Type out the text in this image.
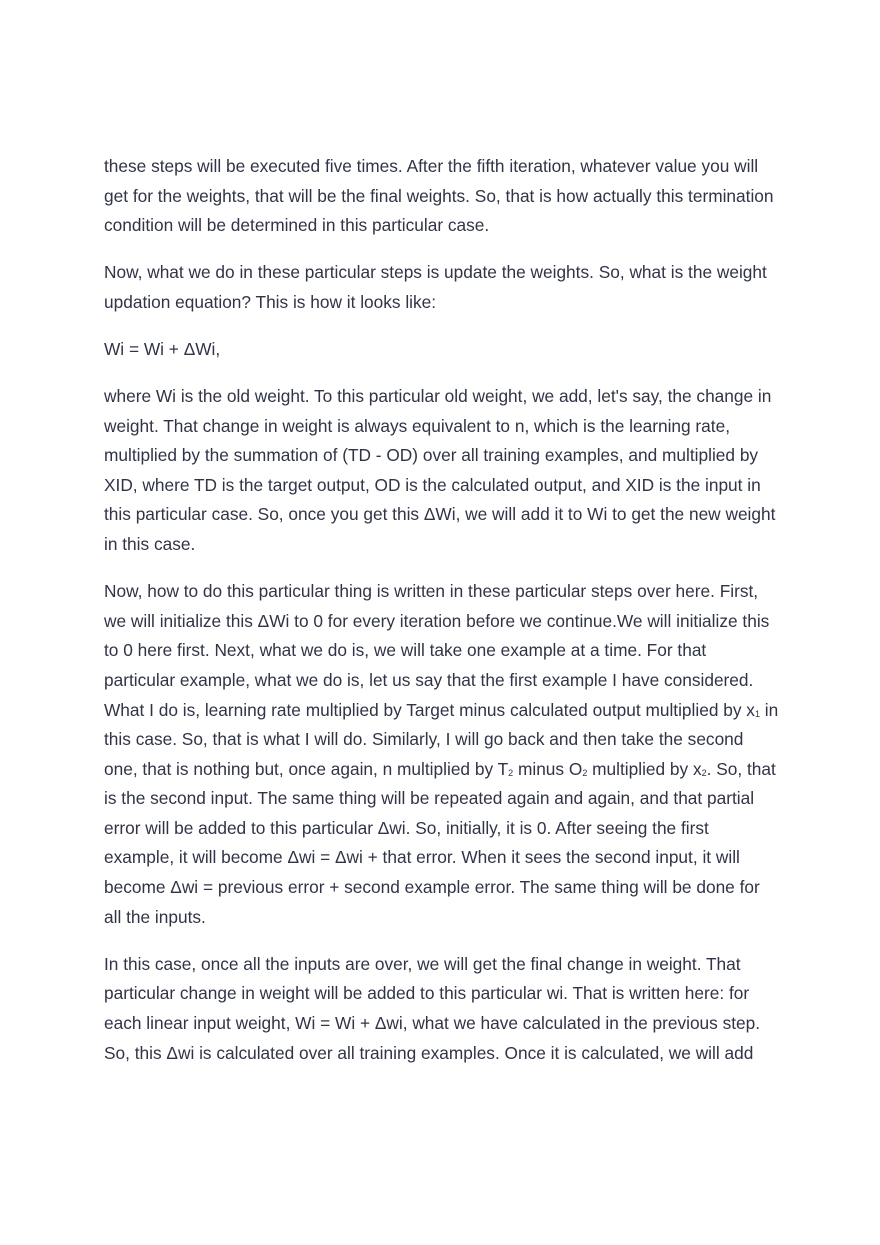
these steps will be executed five times. After the fifth iteration, whatever value you will get for the weights, that will be the final weights. So, that is how actually this termination condition will be determined in this particular case.

Now, what we do in these particular steps is update the weights. So, what is the weight updation equation? This is how it looks like:

Wi = Wi + ΔWi,

where Wi is the old weight. To this particular old weight, we add, let's say, the change in weight. That change in weight is always equivalent to n, which is the learning rate, multiplied by the summation of (TD - OD) over all training examples, and multiplied by XID, where TD is the target output, OD is the calculated output, and XID is the input in this particular case. So, once you get this ΔWi, we will add it to Wi to get the new weight in this case.

Now, how to do this particular thing is written in these particular steps over here. First, we will initialize this ΔWi to 0 for every iteration before we continue.We will initialize this to 0 here first. Next, what we do is, we will take one example at a time. For that particular example, what we do is, let us say that the first example I have considered. What I do is, learning rate multiplied by Target minus calculated output multiplied by x1 in this case. So, that is what I will do. Similarly, I will go back and then take the second one, that is nothing but, once again, n multiplied by T2 minus O2 multiplied by x2. So, that is the second input. The same thing will be repeated again and again, and that partial error will be added to this particular Δwi. So, initially, it is 0. After seeing the first example, it will become Δwi = Δwi + that error. When it sees the second input, it will become Δwi = previous error + second example error. The same thing will be done for all the inputs.

In this case, once all the inputs are over, we will get the final change in weight. That particular change in weight will be added to this particular wi. That is written here: for each linear input weight, Wi = Wi + Δwi, what we have calculated in the previous step. So, this Δwi is calculated over all training examples. Once it is calculated, we will add
